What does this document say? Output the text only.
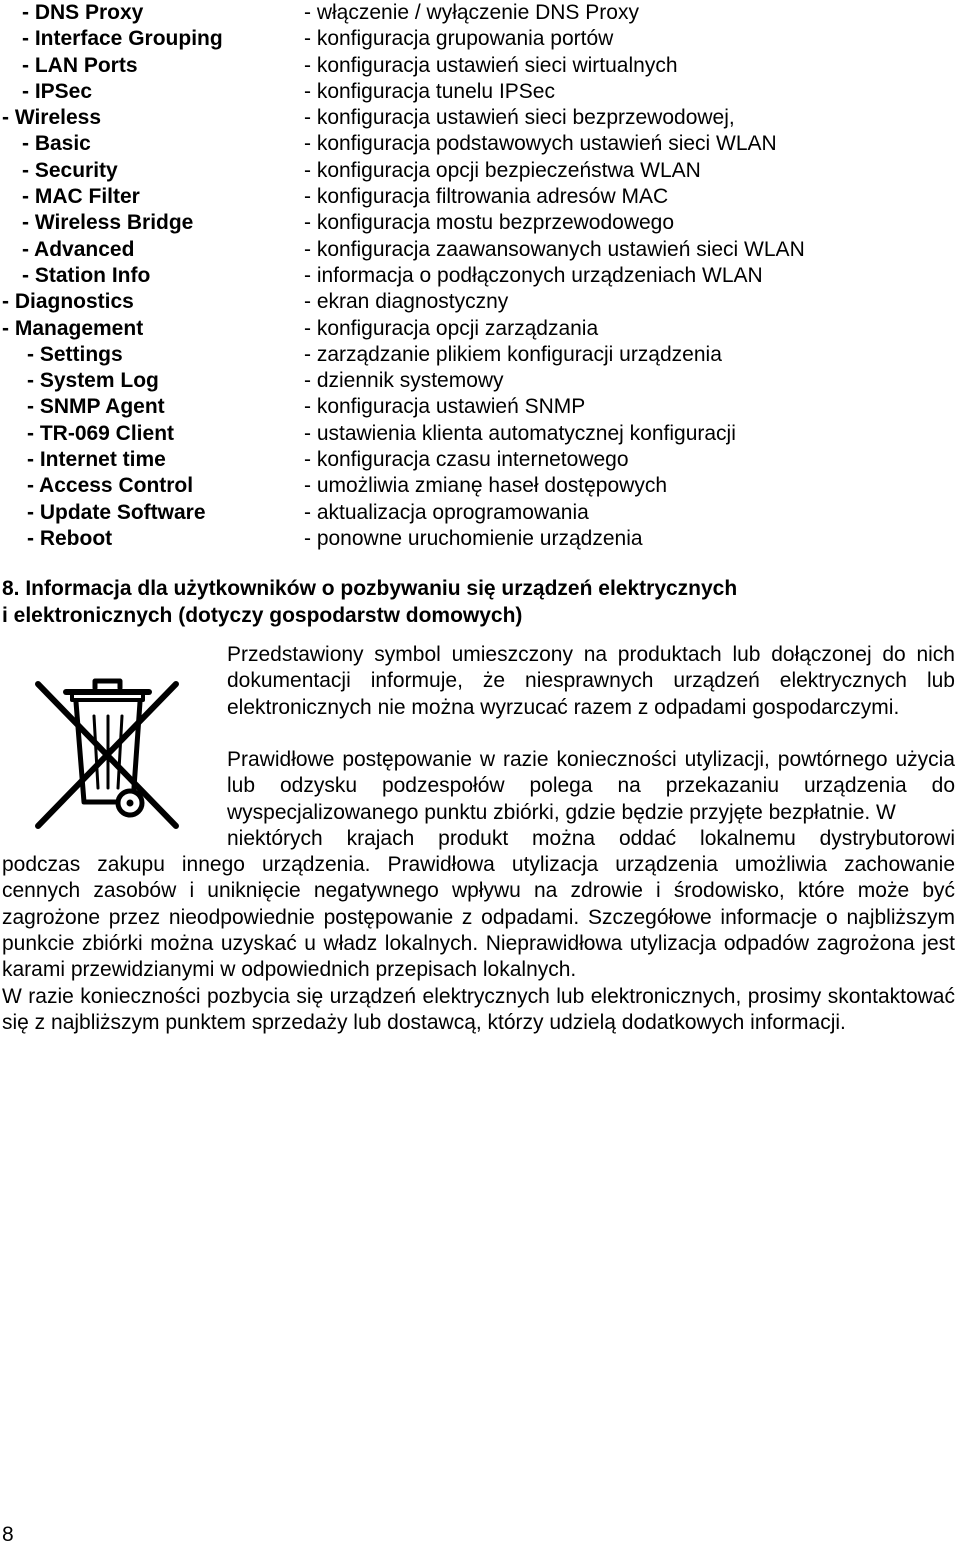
- DNS Proxy	- włączenie / wyłączenie DNS Proxy
- Interface Grouping	- konfiguracja grupowania portów
- LAN Ports	- konfiguracja ustawień sieci wirtualnych
- IPSec	- konfiguracja tunelu IPSec
- Wireless	- konfiguracja ustawień sieci bezprzewodowej,
- Basic	- konfiguracja podstawowych ustawień sieci WLAN
- Security	- konfiguracja opcji bezpieczeństwa WLAN
- MAC Filter	- konfiguracja filtrowania adresów MAC
- Wireless Bridge	- konfiguracja mostu bezprzewodowego
- Advanced	- konfiguracja zaawansowanych ustawień sieci WLAN
- Station Info	- informacja o podłączonych urządzeniach WLAN
- Diagnostics	- ekran diagnostyczny
- Management	- konfiguracja opcji zarządzania
- Settings	- zarządzanie plikiem konfiguracji urządzenia
- System Log	- dziennik systemowy
- SNMP Agent	- konfiguracja ustawień SNMP
- TR-069 Client	- ustawienia klienta automatycznej konfiguracji
- Internet time	- konfiguracja czasu internetowego
- Access Control	- umożliwia zmianę haseł dostępowych
- Update Software	- aktualizacja oprogramowania
- Reboot	- ponowne uruchomienie urządzenia
8. Informacja dla użytkowników o pozbywaniu się urządzeń elektrycznych
i elektronicznych (dotyczy gospodarstw domowych)
Przedstawiony symbol umieszczony na produktach lub dołączonej do nich dokumentacji informuje, że niesprawnych urządzeń elektrycznych lub elektronicznych nie można wyrzucać razem z odpadami gospodarczymi.
Prawidłowe postępowanie w razie konieczności utylizacji, powtórnego użycia lub odzysku podzespołów polega na przekazaniu urządzenia do wyspecjalizowanego punktu zbiórki, gdzie będzie przyjęte bezpłatnie. W
niektórych krajach produkt można oddać lokalnemu dystrybutorowi
podczas zakupu innego urządzenia. Prawidłowa utylizacja urządzenia umożliwia zachowanie
cennych zasobów i uniknięcie negatywnego wpływu na zdrowie i środowisko, które może być zagrożone przez nieodpowiednie postępowanie z odpadami. Szczegółowe informacje o najbliższym punkcie zbiórki można uzyskać u władz lokalnych. Nieprawidłowa utylizacja odpadów zagrożona jest karami przewidzianymi w odpowiednich przepisach lokalnych.
W razie konieczności pozbycia się urządzeń elektrycznych lub elektronicznych, prosimy skontaktować się z najbliższym punktem sprzedaży lub dostawcą, którzy udzielą dodatkowych informacji.
8
